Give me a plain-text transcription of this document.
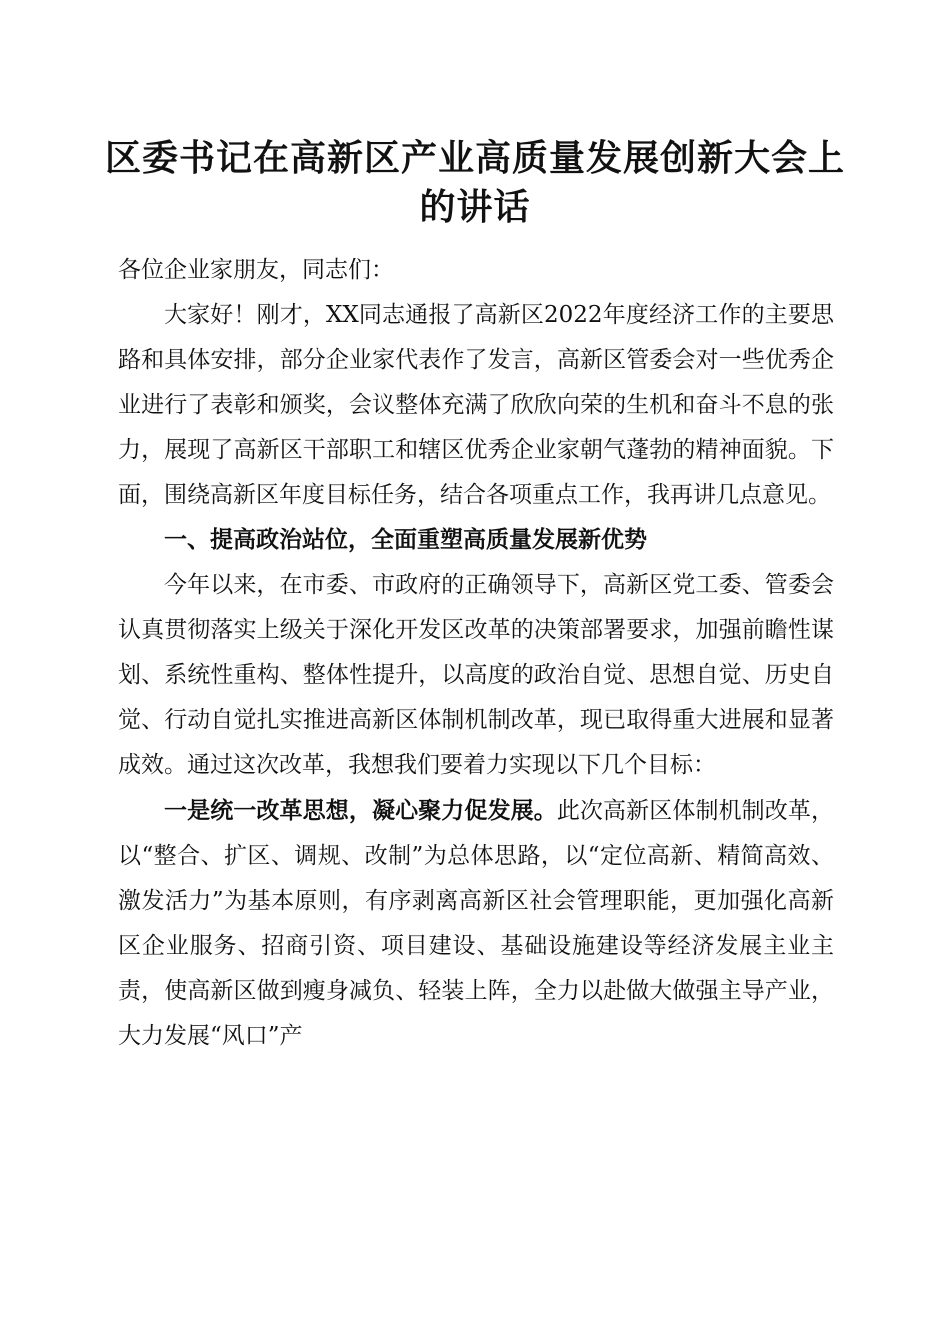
区委书记在高新区产业高质量发展创新大会上
的讲话

各位企业家朋友，同志们：

大家好！刚才，XX同志通报了高新区2022年度经济工作的主要思路和具体安排，部分企业家代表作了发言，高新区管委会对一些优秀企业进行了表彰和颁奖，会议整体充满了欣欣向荣的生机和奋斗不息的张力，展现了高新区干部职工和辖区优秀企业家朝气蓬勃的精神面貌。下面，围绕高新区年度目标任务，结合各项重点工作，我再讲几点意见。

一、提高政治站位，全面重塑高质量发展新优势

今年以来，在市委、市政府的正确领导下，高新区党工委、管委会认真贯彻落实上级关于深化开发区改革的决策部署要求，加强前瞻性谋划、系统性重构、整体性提升，以高度的政治自觉、思想自觉、历史自觉、行动自觉扎实推进高新区体制机制改革，现已取得重大进展和显著成效。通过这次改革，我想我们要着力实现以下几个目标：

一是统一改革思想，凝心聚力促发展。此次高新区体制机制改革，以“整合、扩区、调规、改制”为总体思路，以“定位高新、精简高效、激发活力”为基本原则，有序剥离高新区社会管理职能，更加强化高新区企业服务、招商引资、项目建设、基础设施建设等经济发展主业主责，使高新区做到瘦身减负、轻装上阵，全力以赴做大做强主导产业，大力发展“风口”产
